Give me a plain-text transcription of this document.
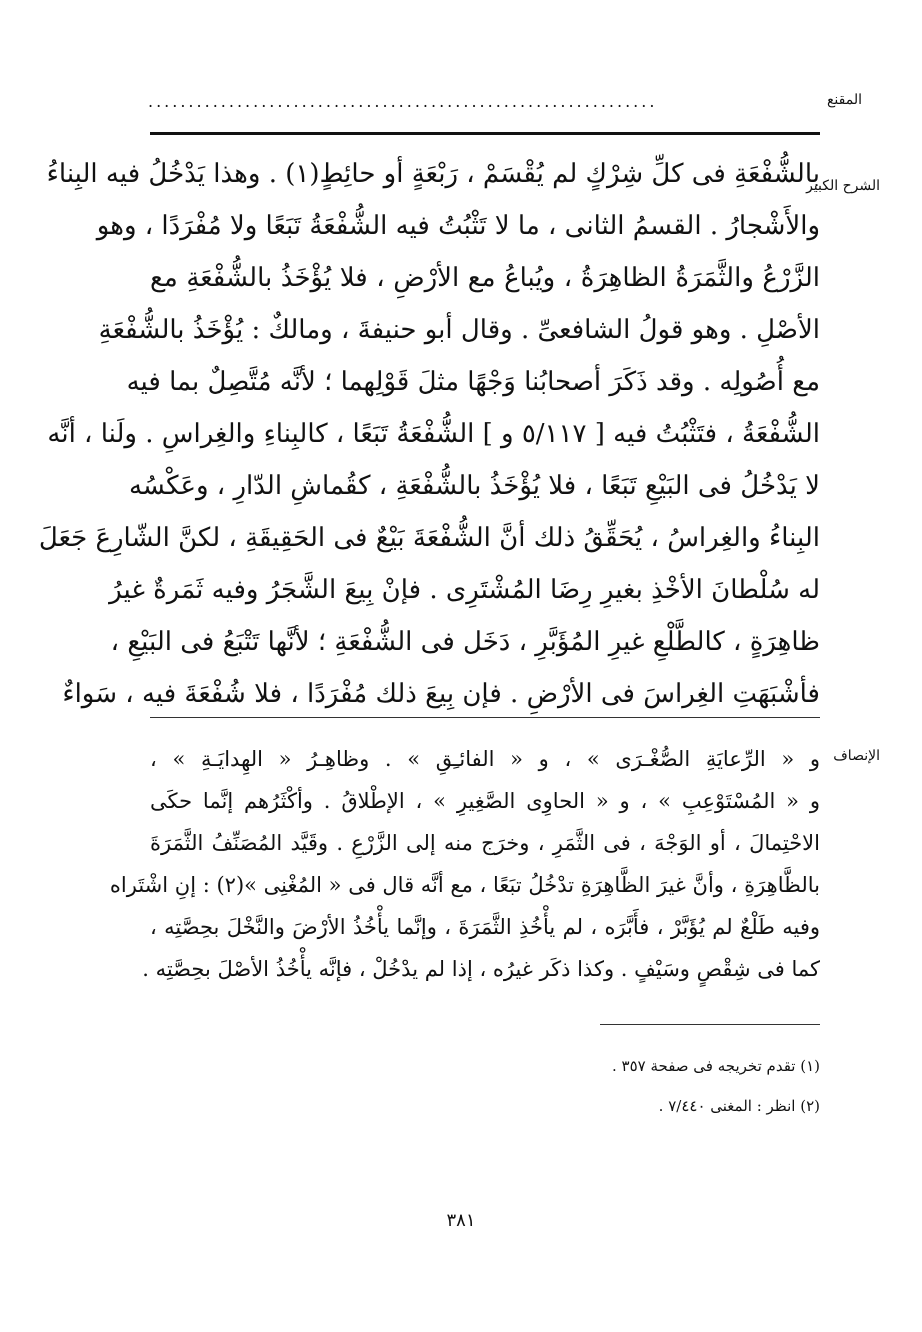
المقنع
...............................................................
الشرح الكبير
بالشُّفْعَةِ فى كلِّ شِرْكٍ لم يُقْسَمْ ، رَبْعَةٍ أو حائِطٍ(١) . وهذا يَدْخُلُ فيه البِناءُ
والأَشْجارُ . القسمُ الثانى ، ما لا تَثْبُتُ فيه الشُّفْعَةُ تَبَعًا ولا مُفْرَدًا ، وهو
الزَّرْعُ والثَّمَرَةُ الظاهِرَةُ ، ويُباعُ مع الأرْضِ ، فلا يُؤْخَذُ بالشُّفْعَةِ مع
الأصْلِ . وهو قولُ الشافعىِّ . وقال أبو حنيفةَ ، ومالكٌ : يُؤْخَذُ بالشُّفْعَةِ
مع أُصُولِه . وقد ذَكَرَ أصحابُنا وَجْهًا مثلَ قَوْلِهما ؛ لأنَّه مُتَّصِلٌ بما فيه
الشُّفْعَةُ ، فتَثْبُتُ فيه [ ٥/١١٧ و ] الشُّفْعَةُ تَبَعًا ، كالبِناءِ والغِراسِ . ولَنا ، أنَّه
لا يَدْخُلُ فى البَيْعِ تَبَعًا ، فلا يُؤْخَذُ بالشُّفْعَةِ ، كقُماشِ الدّارِ ، وعَكْسُه
البِناءُ والغِراسُ ، يُحَقِّقُ ذلك أنَّ الشُّفْعَةَ بَيْعٌ فى الحَقِيقَةِ ، لكنَّ الشّارِعَ جَعَلَ
له سُلْطانَ الأخْذِ بغيرِ رِضَا المُشْتَرِى . فإنْ بِيعَ الشَّجَرُ وفيه ثَمَرةٌ غيرُ
ظاهِرَةٍ ، كالطَّلْعِ غيرِ المُؤَبَّرِ ، دَخَل فى الشُّفْعَةِ ؛ لأنَّها تَتْبَعُ فى البَيْعِ ،
فأشْبَهَتِ الغِراسَ فى الأرْضِ . فإن بِيعَ ذلك مُفْرَدًا ، فلا شُفْعَةَ فيه ، سَواءٌ
الإنصاف
و « الرِّعايَةِ الصُّغْـرَى » ، و « الفائـِقِ » . وظاهِـرُ « الهِدايَـةِ » ،
و « المُسْتَوْعِبِ » ، و « الحاوِى الصَّغِيرِ » ، الإطْلاقُ . وأكْثَرُهم إنَّما حكَى
الاحْتِمالَ ، أو الوَجْهَ ، فى الثَّمَرِ ، وخرَج منه إلى الزَّرْعِ . وقَيَّد المُصَنِّفُ الثَّمَرَةَ
بالظَّاهِرَةِ ، وأنَّ غيرَ الظَّاهِرَةِ تدْخُلُ تبَعًا ، مع أنَّه قال فى « المُغْنِى »(٢) : إنِ اشْتَراه
وفيه طَلْعٌ لم يُؤَبَّرْ ، فأَبَّرَه ، لم يأْخُذِ الثَّمَرَةَ ، وإنَّما يأْخُذُ الأرْضَ والنَّخْلَ بحِصَّتِه ،
كما فى شِقْصٍ وسَيْفٍ . وكذا ذكَر غيرُه ، إذا لم يدْخُلْ ، فإنَّه يأْخُذُ الأصْلَ بحِصَّتِه .
(١) تقدم تخريجه فى صفحة ٣٥٧ .
(٢) انظر : المغنى ٧/٤٤٠ .
٣٨١
